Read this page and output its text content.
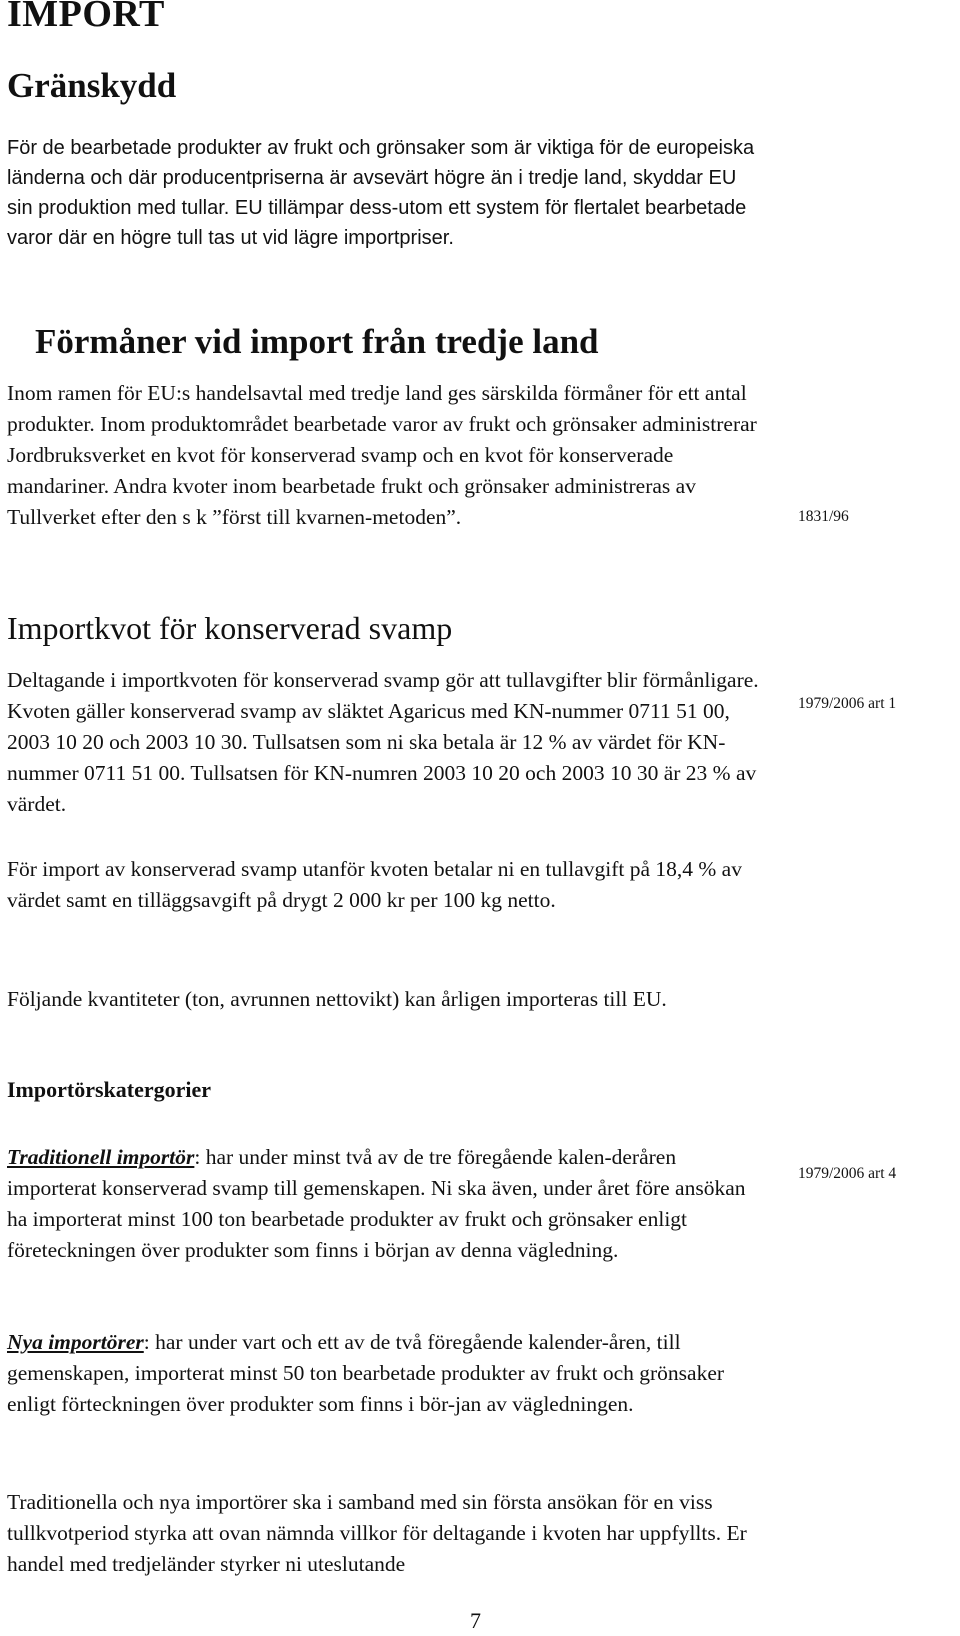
IMPORT
Gränskydd

För de bearbetade produkter av frukt och grönsaker som är viktiga för de europeiska länderna och där producentpriserna är avsevärt högre än i tredje land, skyddar EU sin produktion med tullar. EU tillämpar dess-utom ett system för flertalet bearbetade varor där en högre tull tas ut vid lägre importpriser.

Förmåner vid import från tredje land

Inom ramen för EU:s handelsavtal med tredje land ges särskilda förmåner för ett antal produkter. Inom produktområdet bearbetade varor av frukt och grönsaker administrerar Jordbruksverket en kvot för konserverad svamp och en kvot för konserverade mandariner. Andra kvoter inom bearbetade frukt och grönsaker administreras av Tullverket efter den s k ”först till kvarnen-metoden”.	1831/96
Importkvot för konserverad svamp

Deltagande i importkvoten för konserverad svamp gör att tullavgifter blir förmånligare. Kvoten gäller konserverad svamp av släktet Agaricus med KN-nummer 0711 51 00, 2003 10 20 och 2003 10 30. Tullsatsen som ni ska betala är 12 % av värdet för KN-nummer 0711 51 00. Tullsatsen för KN-numren 2003 10 20 och 2003 10 30 är 23 % av värdet.

1979/2006 art 1

För import av konserverad svamp utanför kvoten betalar ni en tullavgift på 18,4 % av värdet samt en tilläggsavgift på drygt 2 000 kr per 100 kg netto.

Följande kvantiteter (ton, avrunnen nettovikt) kan årligen importeras till EU.

Importörskatergorier

Traditionell importör: har under minst två av de tre föregående kalen-deråren importerat konserverad svamp till gemenskapen. Ni ska även, under året före ansökan ha importerat minst 100 ton bearbetade produkter av frukt och grönsaker enligt företeckningen över produkter som finns i början av denna vägledning.

1979/2006 art 4

Nya importörer: har under vart och ett av de två föregående kalender-åren, till gemenskapen, importerat minst 50 ton bearbetade produkter av frukt och grönsaker enligt förteckningen över produkter som finns i bör-jan av vägledningen.

Traditionella och nya importörer ska i samband med sin första ansökan för en viss tullkvotperiod styrka att ovan nämnda villkor för deltagande i kvoten har uppfyllts. Er handel med tredjeländer styrker ni uteslutande

7
